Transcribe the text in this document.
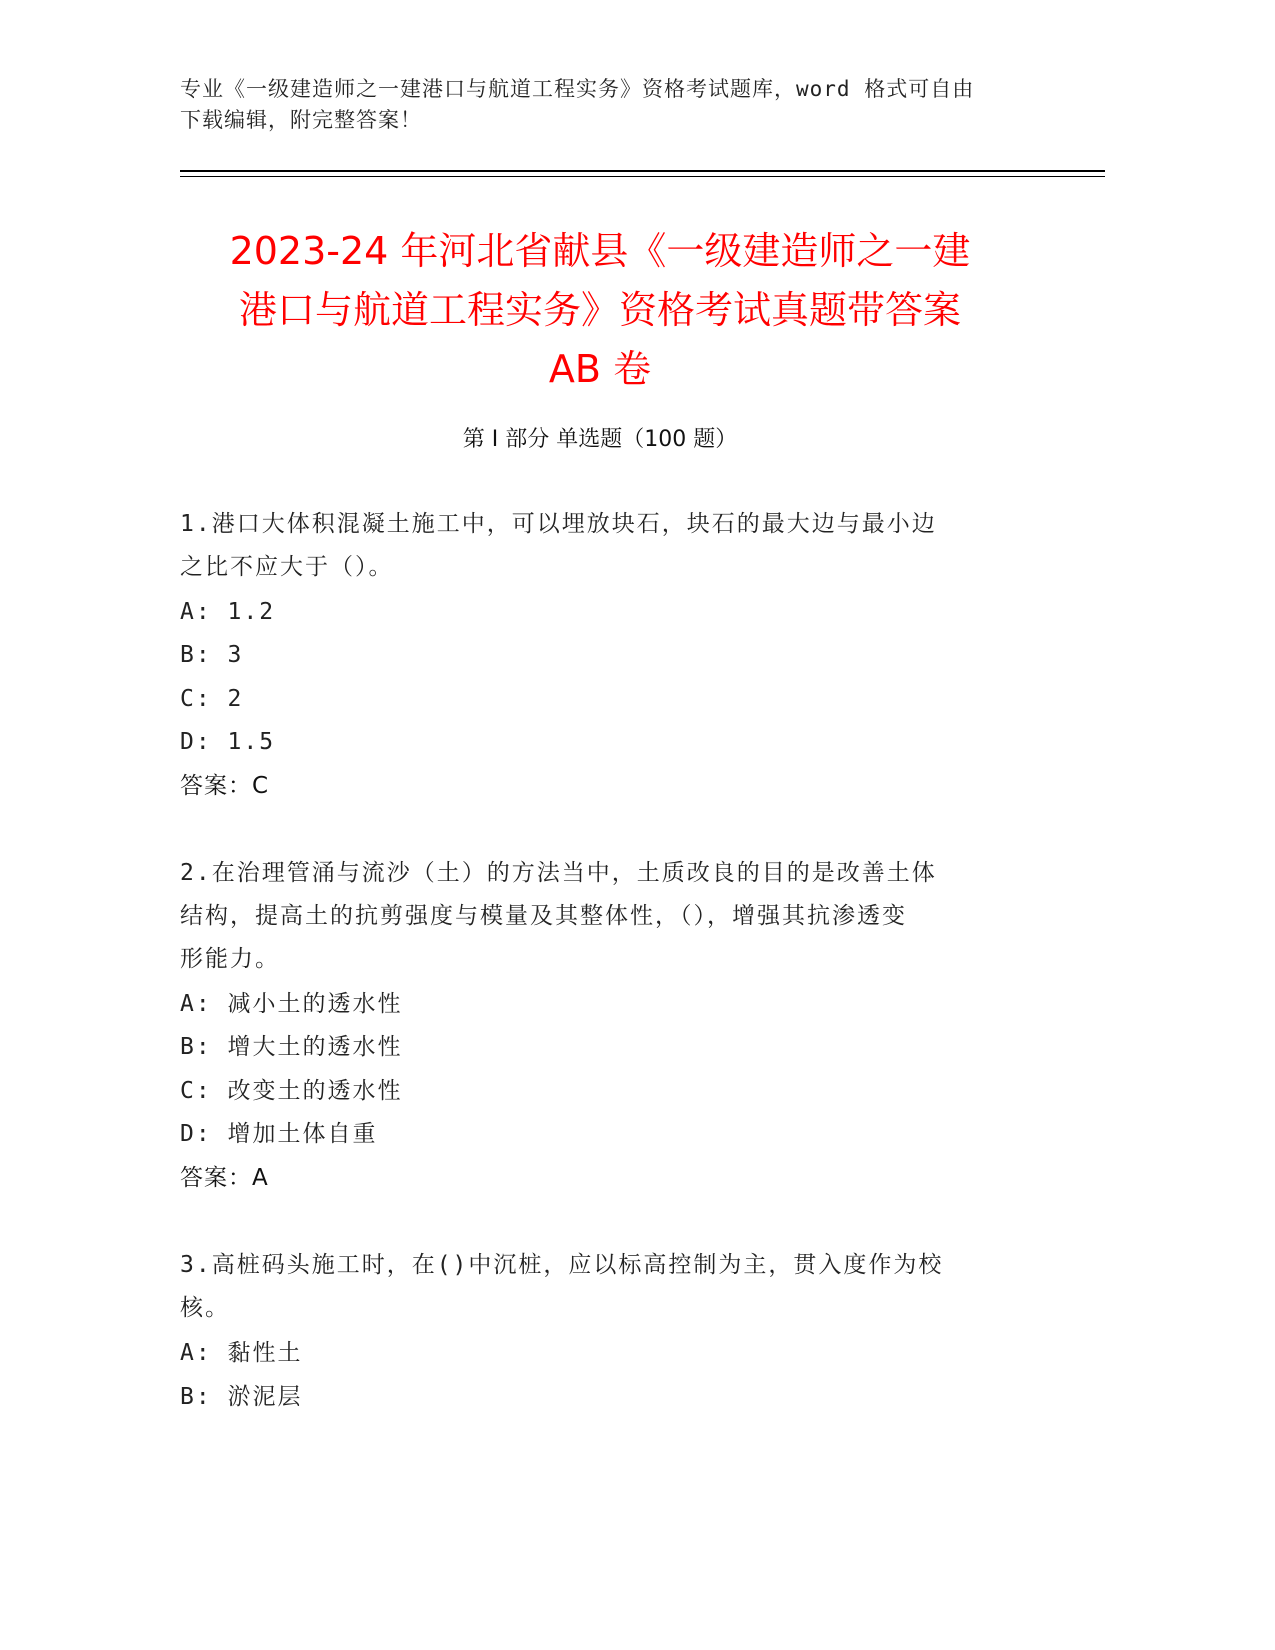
专业《一级建造师之一建港口与航道工程实务》资格考试题库，word 格式可自由
下载编辑，附完整答案！
2023-24 年河北省献县《一级建造师之一建
港口与航道工程实务》资格考试真题带答案
AB 卷
第 I 部分 单选题（100 题）
1.港口大体积混凝土施工中，可以埋放块石，块石的最大边与最小边
之比不应大于（）。
A: 1.2
B: 3
C: 2
D: 1.5
答案：C
2.在治理管涌与流沙（土）的方法当中，土质改良的目的是改善土体
结构，提高土的抗剪强度与模量及其整体性，（），增强其抗渗透变
形能力。
A: 减小土的透水性
B: 增大土的透水性
C: 改变土的透水性
D: 增加土体自重
答案：A
3.高桩码头施工时，在()中沉桩，应以标高控制为主，贯入度作为校
核。
A: 黏性土
B: 淤泥层
